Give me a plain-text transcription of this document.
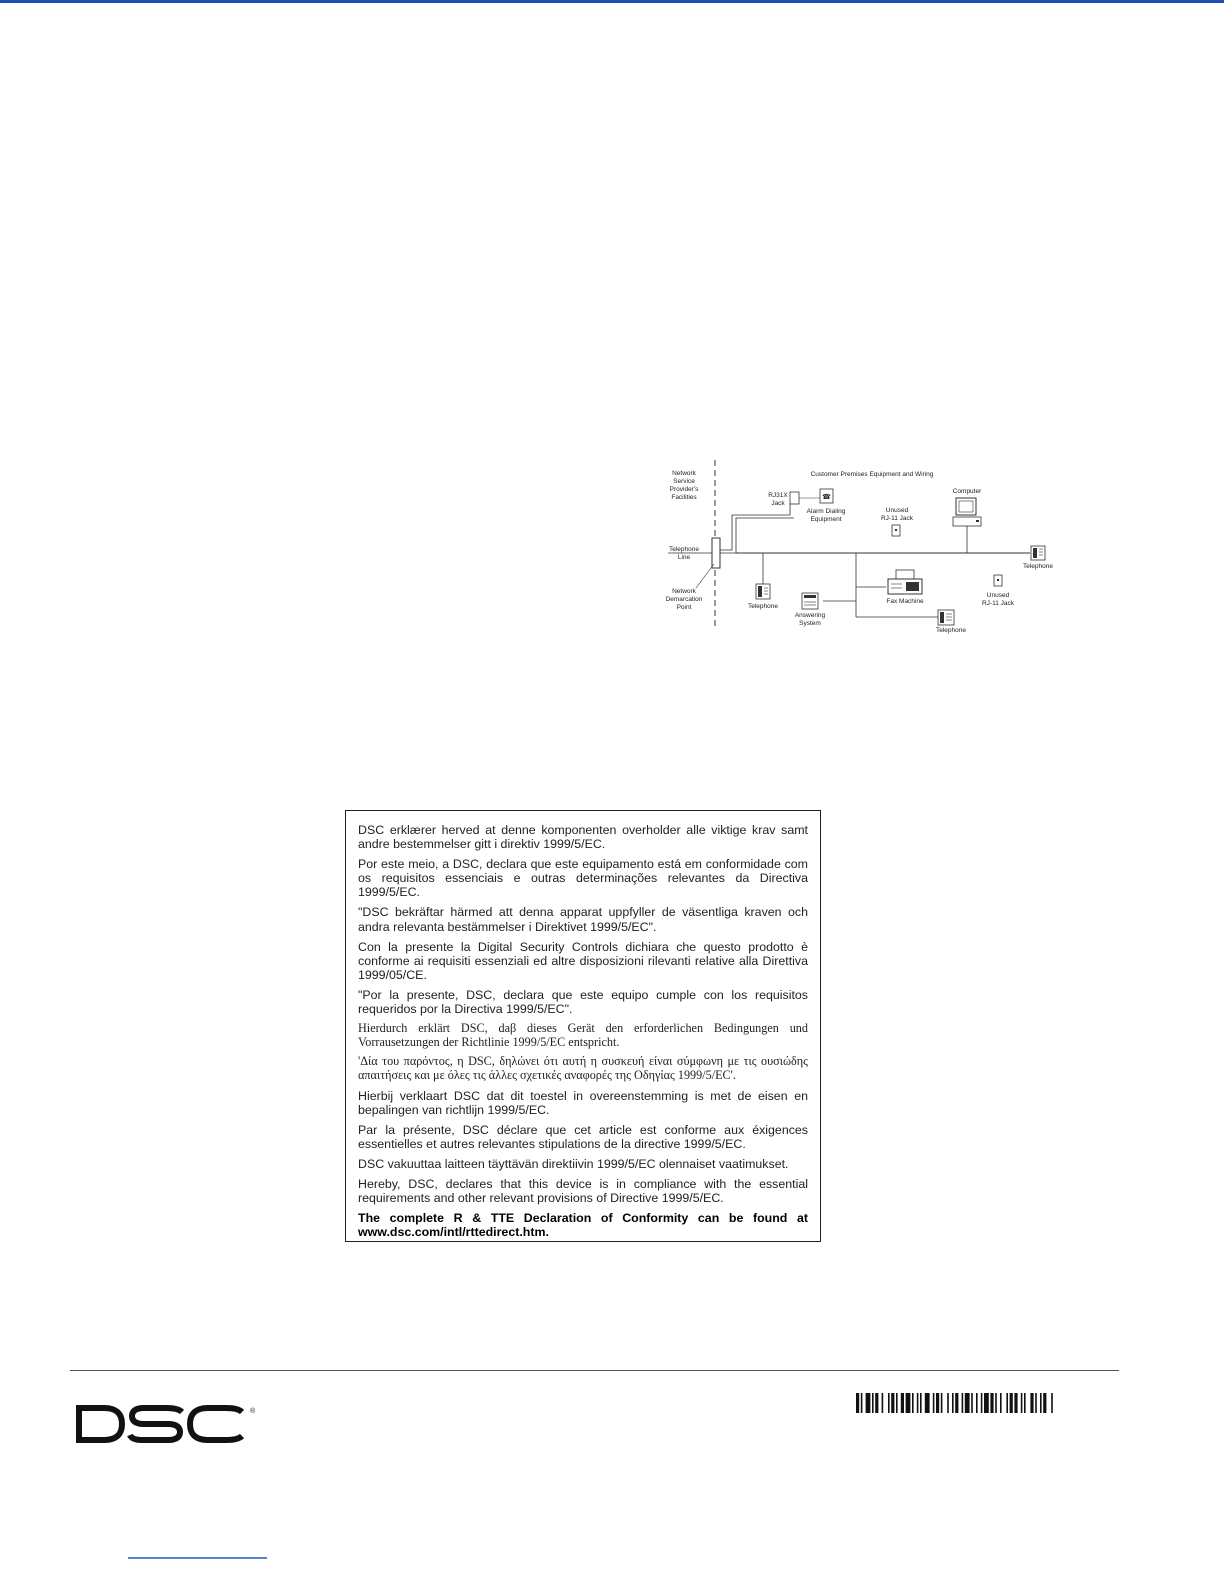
Network
Service
Provider's
Facilities
Customer Premises Equipment and Wiring
Telephone
Line
Network
Demarcation
Point
RJ31X
Jack
☎
Alarm Dialing
Equipment
Unused
RJ-11 Jack
Computer
Telephone
Telephone
Answering
System
Fax Machine
Telephone
Unused
RJ-11 Jack

DSC erklærer herved at denne komponenten overholder alle viktige krav samt andre bestemmelser gitt i direktiv 1999/5/EC.

Por este meio, a DSC, declara que este equipamento está em conformidade com os requisitos essenciais e outras determinações relevantes da Directiva 1999/5/EC.

"DSC bekräftar härmed att denna apparat uppfyller de väsentliga kraven och andra relevanta bestämmelser i Direktivet 1999/5/EC".

Con la presente la Digital Security Controls dichiara che questo prodotto è conforme ai requisiti essenziali ed altre disposizioni rilevanti relative alla Direttiva 1999/05/CE.

"Por la presente, DSC, declara que este equipo cumple con los requisitos requeridos por la Directiva 1999/5/EC".

Hierdurch erklärt DSC, daβ dieses Gerät den erforderlichen Bedingungen und Vorrausetzungen der Richtlinie 1999/5/EC entspricht.

'Δία του παρόντος, η DSC, δηλώνει ότι αυτή η συσκευή είναι σύμφωνη με τις ουσιώδης απαιτήσεις και με όλες τις άλλες σχετικές αναφορές της Οδηγίας 1999/5/EC'.

Hierbij verklaart DSC dat dit toestel in overeenstemming is met de eisen en bepalingen van richtlijn 1999/5/EC.

Par la présente, DSC déclare que cet article est conforme aux éxigences essentielles et autres relevantes stipulations de la directive 1999/5/EC.

DSC vakuuttaa laitteen täyttävän direktiivin 1999/5/EC olennaiset vaatimukset.

Hereby, DSC, declares that this device is in compliance with the essential requirements and other relevant provisions of Directive 1999/5/EC.

The complete R & TTE Declaration of Conformity can be found at www.dsc.com/intl/rttedirect.htm.

®
